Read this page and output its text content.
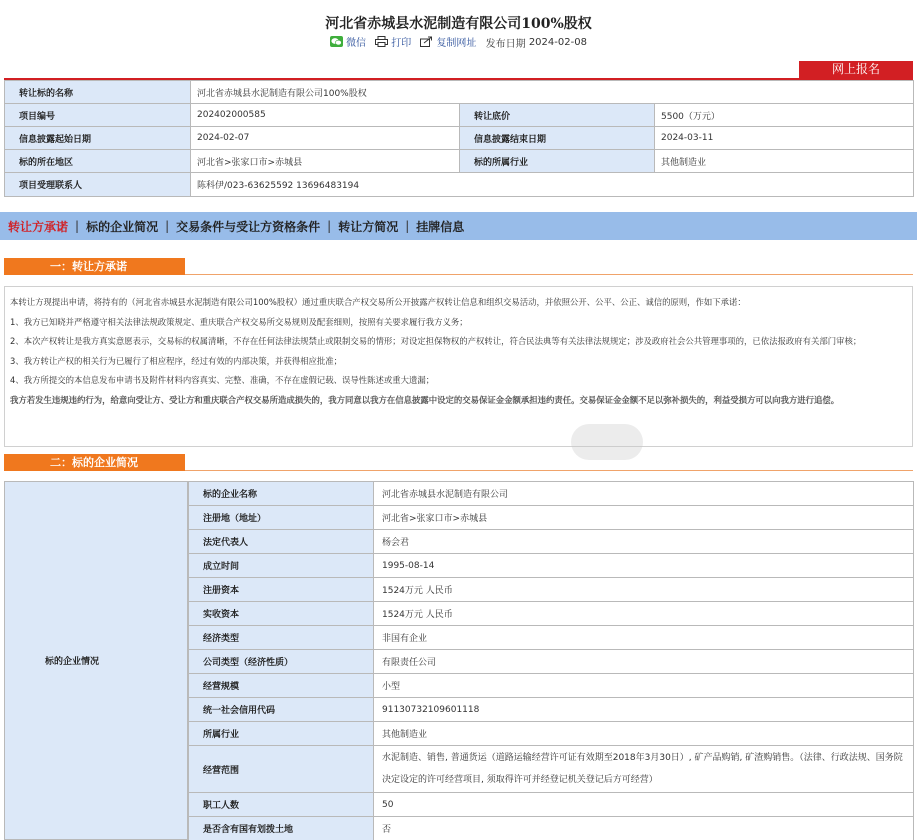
河北省赤城县水泥制造有限公司100%股权
微信
	打印
	复制网址
发布日期
2024-02-08
网上报名
转让标的名称	河北省赤城县水泥制造有限公司100%股权		
项目编号	202402000585	转让底价	5500（万元）
信息披露起始日期	2024-02-07	信息披露结束日期	2024-03-11
标的所在地区	河北省>张家口市>赤城县	标的所属行业	其他制造业
项目受理联系人	陈科伊/023-63625592 13696483194		
转让方承诺 | 标的企业简况 | 交易条件与受让方资格条件 | 转让方简况 | 挂牌信息
一：转让方承诺

本转让方现提出申请，将持有的（河北省赤城县水泥制造有限公司100%股权）通过重庆联合产权交易所公开披露产权转让信息和组织交易活动，并依照公开、公平、公正、诚信的原则，作如下承诺：

1、我方已知晓并严格遵守相关法律法规政策规定、重庆联合产权交易所交易规则及配套细则，按照有关要求履行我方义务；

2、本次产权转让是我方真实意愿表示，交易标的权属清晰，不存在任何法律法规禁止或限制交易的情形；对设定担保物权的产权转让，符合民法典等有关法律法规规定；涉及政府社会公共管理事项的，已依法报政府有关部门审核；

3、我方转让产权的相关行为已履行了相应程序，经过有效的内部决策，并获得相应批准；

4、我方所提交的本信息发布申请书及附件材料内容真实、完整、准确，不存在虚假记载、误导性陈述或重大遗漏；

我方若发生违规违约行为，给意向受让方、受让方和重庆联合产权交易所造成损失的，我方同意以我方在信息披露中设定的交易保证金金额承担违约责任。交易保证金金额不足以弥补损失的，利益受损方可以向我方进行追偿。

二：标的企业简况
标的企业情况
标的企业名称	河北省赤城县水泥制造有限公司
注册地（地址）	河北省>张家口市>赤城县
法定代表人	杨会君
成立时间	1995-08-14
注册资本	1524万元 人民币
实收资本	1524万元 人民币
经济类型	非国有企业
公司类型（经济性质）	有限责任公司
经营规模	小型
统一社会信用代码	91130732109601118
所属行业	其他制造业
经营范围	水泥制造、销售, 普通货运（道路运输经营许可证有效期至2018年3月30日）, 矿产品购销, 矿渣购销售。（法律、行政法规、国务院决定设定的许可经营项目, 须取得许可并经登记机关登记后方可经营）
职工人数	50
是否含有国有划拨土地	否
